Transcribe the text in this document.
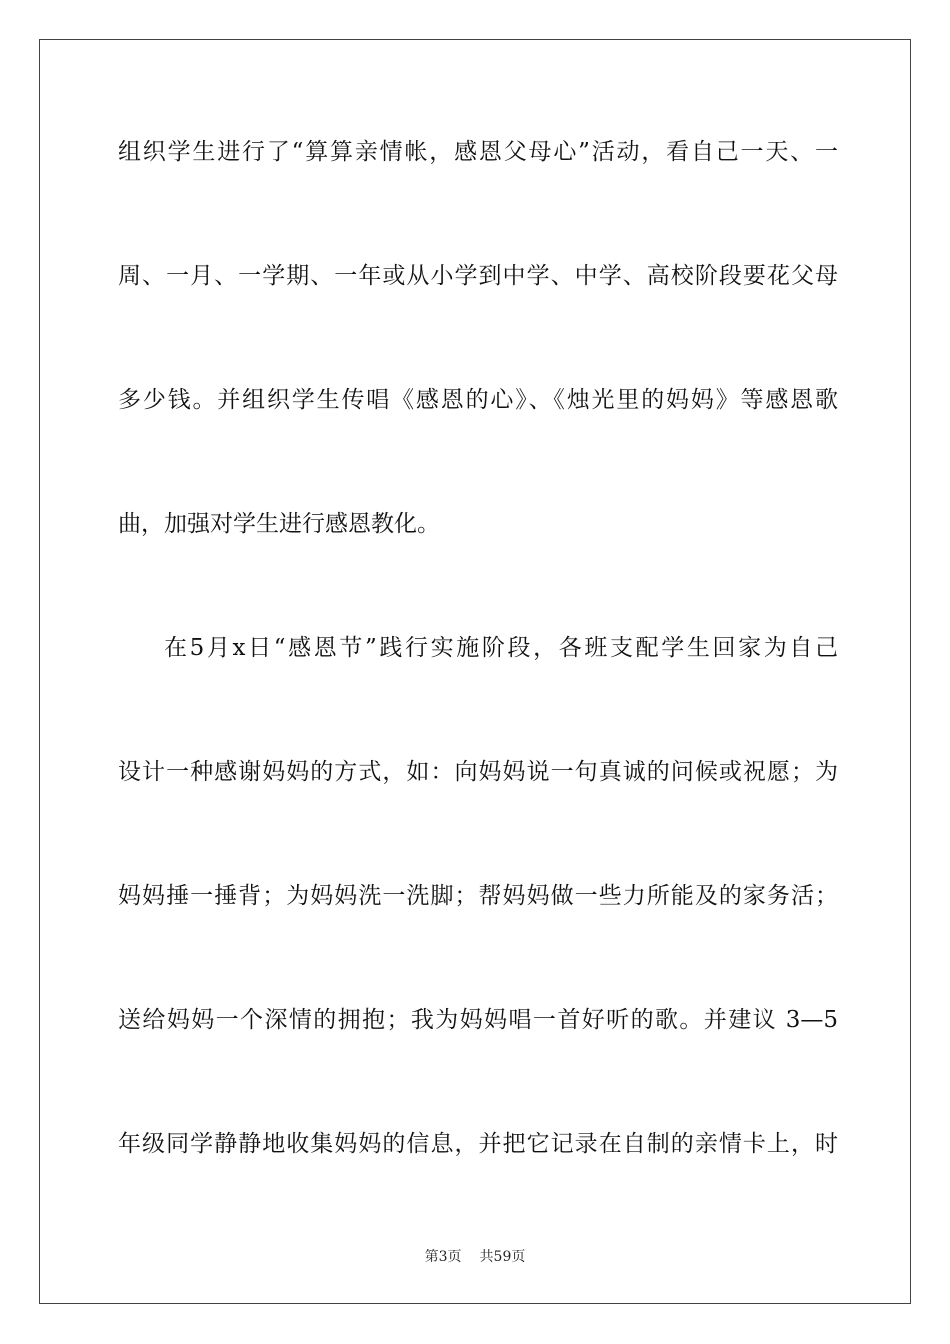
组织学生进行了“算算亲情帐，感恩父母心”活动，看自己一天、一
周、一月、一学期、一年或从小学到中学、中学、高校阶段要花父母
多少钱。并组织学生传唱《感恩的心》、《烛光里的妈妈》等感恩歌
曲，加强对学生进行感恩教化。
在5月x日“感恩节”践行实施阶段，各班支配学生回家为自己
设计一种感谢妈妈的方式，如：向妈妈说一句真诚的问候或祝愿；为
妈妈捶一捶背；为妈妈洗一洗脚；帮妈妈做一些力所能及的家务活；
送给妈妈一个深情的拥抱；我为妈妈唱一首好听的歌。并建议 3—5
年级同学静静地收集妈妈的信息，并把它记录在自制的亲情卡上，时
第3页 共59页
